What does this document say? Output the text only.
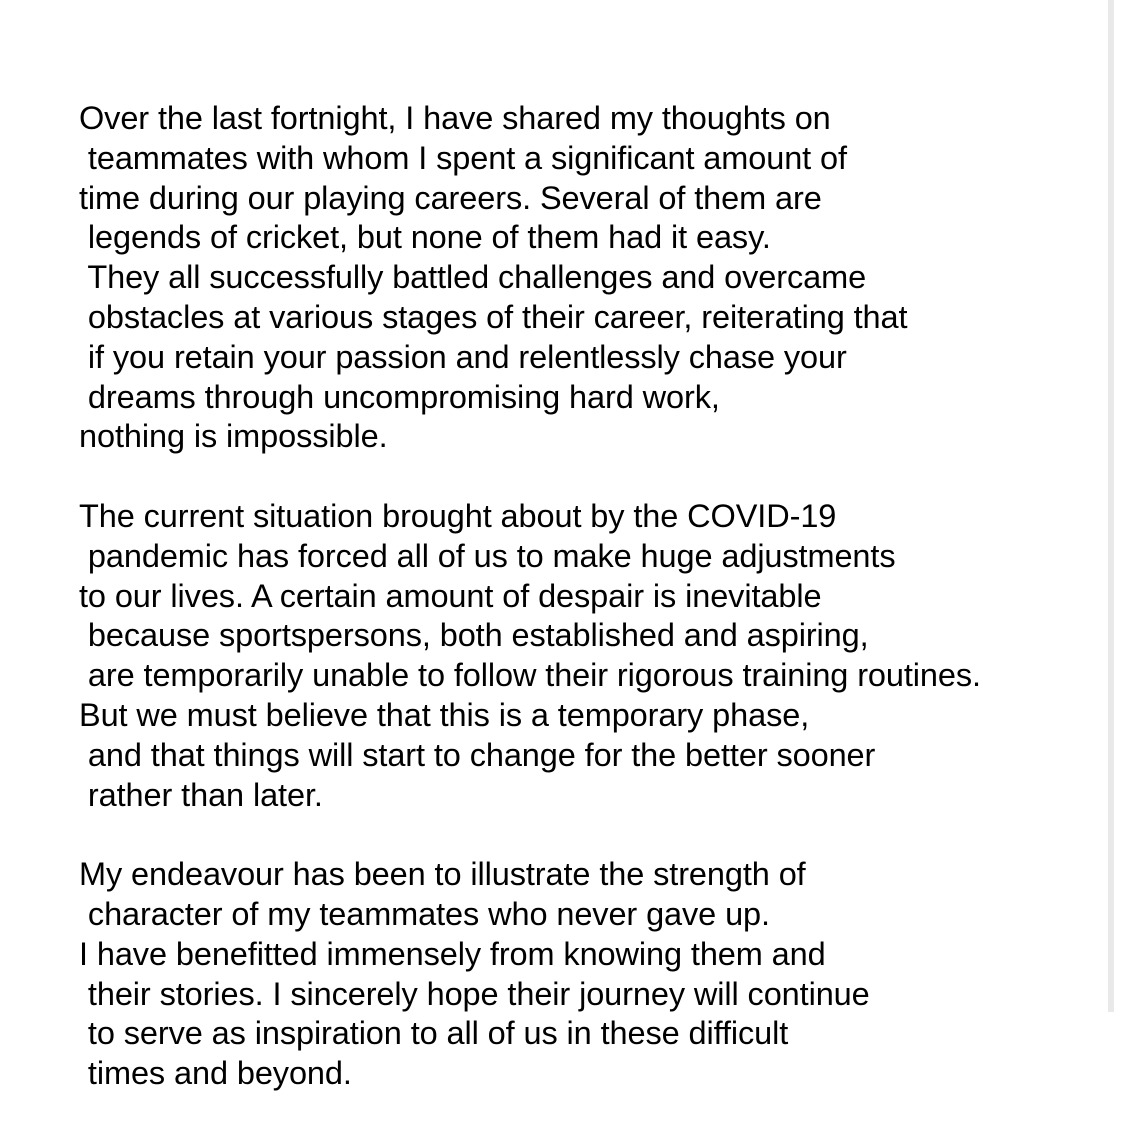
Over the last fortnight, I have shared my thoughts on
teammates with whom I spent a significant amount of
time during our playing careers. Several of them are
legends of cricket, but none of them had it easy.
They all successfully battled challenges and overcame
obstacles at various stages of their career, reiterating that
if you retain your passion and relentlessly chase your
dreams through uncompromising hard work,
nothing is impossible.
The current situation brought about by the COVID-19
pandemic has forced all of us to make huge adjustments
to our lives. A certain amount of despair is inevitable
because sportspersons, both established and aspiring,
are temporarily unable to follow their rigorous training routines.
But we must believe that this is a temporary phase,
and that things will start to change for the better sooner
rather than later.
My endeavour has been to illustrate the strength of
character of my teammates who never gave up.
I have benefitted immensely from knowing them and
their stories. I sincerely hope their journey will continue
to serve as inspiration to all of us in these difficult
times and beyond.
